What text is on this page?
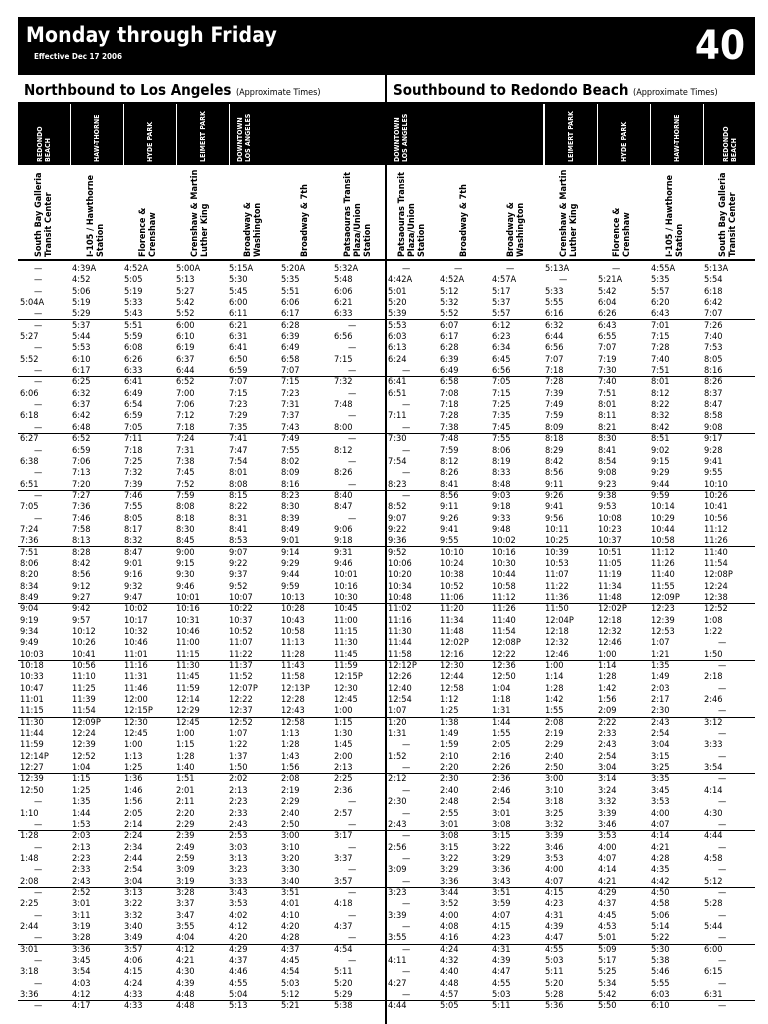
Monday through Friday
Effective Dec 17 2006	40
Northbound to Los Angeles (Approximate Times)	Southbound to Redondo Beach (Approximate Times)
REDONDO BEACH	HAW-THORNE	HYDE PARK	LEIMERT PARK	DOWNTOWN LOS ANGELES	DOWNTOWN LOS ANGELES	LEIMERT PARK	HYDE PARK	HAW-THORNE	REDONDO BEACH
South Bay Galleria Transit Center	I-105 / Hawthorne Station	Florence & Crenshaw	Crenshaw & Martin Luther King	Broadway & Washington	Broadway & 7th	Patsaouras Transit Plaza/Union Station	Patsaouras Transit Plaza/Union Station	Broadway & 7th	Broadway & Washington	Crenshaw & Martin Luther King	Florence & Crenshaw	I-105 / Hawthorne Station	South Bay Galleria Transit Center
—	4:39A	4:52A	5:00A	5:15A	5:20A	5:32A	—	—	—	5:13A	—	4:55A	5:13A
—	4:52	5:05	5:13	5:30	5:35	5:48	4:42A	4:52A	4:57A	—	5:21A	5:35	5:54
—	5:06	5:19	5:27	5:45	5:51	6:06	5:01	5:12	5:17	5:33	5:42	5:57	6:18
5:04A	5:19	5:33	5:42	6:00	6:06	6:21	5:20	5:32	5:37	5:55	6:04	6:20	6:42
—	5:29	5:43	5:52	6:11	6:17	6:33	5:39	5:52	5:57	6:16	6:26	6:43	7:07
—	5:37	5:51	6:00	6:21	6:28	—	5:53	6:07	6:12	6:32	6:43	7:01	7:26
5:27	5:44	5:59	6:10	6:31	6:39	6:56	6:03	6:17	6:23	6:44	6:55	7:15	7:40
—	5:53	6:08	6:19	6:41	6:49	—	6:13	6:28	6:34	6:56	7:07	7:28	7:53
5:52	6:10	6:26	6:37	6:50	6:58	7:15	6:24	6:39	6:45	7:07	7:19	7:40	8:05
—	6:17	6:33	6:44	6:59	7:07	—	—	6:49	6:56	7:18	7:30	7:51	8:16
—	6:25	6:41	6:52	7:07	7:15	7:32	6:41	6:58	7:05	7:28	7:40	8:01	8:26
6:06	6:32	6:49	7:00	7:15	7:23	—	6:51	7:08	7:15	7:39	7:51	8:12	8:37
—	6:37	6:54	7:06	7:23	7:31	7:48	—	7:18	7:25	7:49	8:01	8:22	8:47
6:18	6:42	6:59	7:12	7:29	7:37	—	7:11	7:28	7:35	7:59	8:11	8:32	8:58
—	6:48	7:05	7:18	7:35	7:43	8:00	—	7:38	7:45	8:09	8:21	8:42	9:08
6:27	6:52	7:11	7:24	7:41	7:49	—	7:30	7:48	7:55	8:18	8:30	8:51	9:17
—	6:59	7:18	7:31	7:47	7:55	8:12	—	7:59	8:06	8:29	8:41	9:02	9:28
6:38	7:06	7:25	7:38	7:54	8:02	—	7:54	8:12	8:19	8:42	8:54	9:15	9:41
—	7:13	7:32	7:45	8:01	8:09	8:26	—	8:26	8:33	8:56	9:08	9:29	9:55
6:51	7:20	7:39	7:52	8:08	8:16	—	8:23	8:41	8:48	9:11	9:23	9:44	10:10
—	7:27	7:46	7:59	8:15	8:23	8:40	—	8:56	9:03	9:26	9:38	9:59	10:26
7:05	7:36	7:55	8:08	8:22	8:30	8:47	8:52	9:11	9:18	9:41	9:53	10:14	10:41
—	7:46	8:05	8:18	8:31	8:39	—	9:07	9:26	9:33	9:56	10:08	10:29	10:56
7:24	7:58	8:17	8:30	8:41	8:49	9:06	9:22	9:41	9:48	10:11	10:23	10:44	11:12
7:36	8:13	8:32	8:45	8:53	9:01	9:18	9:36	9:55	10:02	10:25	10:37	10:58	11:26
7:51	8:28	8:47	9:00	9:07	9:14	9:31	9:52	10:10	10:16	10:39	10:51	11:12	11:40
8:06	8:42	9:01	9:15	9:22	9:29	9:46	10:06	10:24	10:30	10:53	11:05	11:26	11:54
8:20	8:56	9:16	9:30	9:37	9:44	10:01	10:20	10:38	10:44	11:07	11:19	11:40	12:08P
8:34	9:12	9:32	9:46	9:52	9:59	10:16	10:34	10:52	10:58	11:22	11:34	11:55	12:24
8:49	9:27	9:47	10:01	10:07	10:13	10:30	10:48	11:06	11:12	11:36	11:48	12:09P	12:38
9:04	9:42	10:02	10:16	10:22	10:28	10:45	11:02	11:20	11:26	11:50	12:02P	12:23	12:52
9:19	9:57	10:17	10:31	10:37	10:43	11:00	11:16	11:34	11:40	12:04P	12:18	12:39	1:08
9:34	10:12	10:32	10:46	10:52	10:58	11:15	11:30	11:48	11:54	12:18	12:32	12:53	1:22
9:49	10:26	10:46	11:00	11:07	11:13	11:30	11:44	12:02P	12:08P	12:32	12:46	1:07	—
10:03	10:41	11:01	11:15	11:22	11:28	11:45	11:58	12:16	12:22	12:46	1:00	1:21	1:50
10:18	10:56	11:16	11:30	11:37	11:43	11:59	12:12P	12:30	12:36	1:00	1:14	1:35	—
10:33	11:10	11:31	11:45	11:52	11:58	12:15P	12:26	12:44	12:50	1:14	1:28	1:49	2:18
10:47	11:25	11:46	11:59	12:07P	12:13P	12:30	12:40	12:58	1:04	1:28	1:42	2:03	—
11:01	11:39	12:00	12:14	12:22	12:28	12:45	12:54	1:12	1:18	1:42	1:56	2:17	2:46
11:15	11:54	12:15P	12:29	12:37	12:43	1:00	1:07	1:25	1:31	1:55	2:09	2:30	—
11:30	12:09P	12:30	12:45	12:52	12:58	1:15	1:20	1:38	1:44	2:08	2:22	2:43	3:12
11:44	12:24	12:45	1:00	1:07	1:13	1:30	1:31	1:49	1:55	2:19	2:33	2:54	—
11:59	12:39	1:00	1:15	1:22	1:28	1:45	—	1:59	2:05	2:29	2:43	3:04	3:33
12:14P	12:52	1:13	1:28	1:37	1:43	2:00	1:52	2:10	2:16	2:40	2:54	3:15	—
12:27	1:04	1:25	1:40	1:50	1:56	2:13	—	2:20	2:26	2:50	3:04	3:25	3:54
12:39	1:15	1:36	1:51	2:02	2:08	2:25	2:12	2:30	2:36	3:00	3:14	3:35	—
12:50	1:25	1:46	2:01	2:13	2:19	2:36	—	2:40	2:46	3:10	3:24	3:45	4:14
—	1:35	1:56	2:11	2:23	2:29	—	2:30	2:48	2:54	3:18	3:32	3:53	—
1:10	1:44	2:05	2:20	2:33	2:40	2:57	—	2:55	3:01	3:25	3:39	4:00	4:30
—	1:53	2:14	2:29	2:43	2:50	—	2:43	3:01	3:08	3:32	3:46	4:07	—
1:28	2:03	2:24	2:39	2:53	3:00	3:17	—	3:08	3:15	3:39	3:53	4:14	4:44
—	2:13	2:34	2:49	3:03	3:10	—	2:56	3:15	3:22	3:46	4:00	4:21	—
1:48	2:23	2:44	2:59	3:13	3:20	3:37	—	3:22	3:29	3:53	4:07	4:28	4:58
—	2:33	2:54	3:09	3:23	3:30	—	3:09	3:29	3:36	4:00	4:14	4:35	—
2:08	2:43	3:04	3:19	3:33	3:40	3:57	—	3:36	3:43	4:07	4:21	4:42	5:12
—	2:52	3:13	3:28	3:43	3:51	—	3:23	3:44	3:51	4:15	4:29	4:50	—
2:25	3:01	3:22	3:37	3:53	4:01	4:18	—	3:52	3:59	4:23	4:37	4:58	5:28
—	3:11	3:32	3:47	4:02	4:10	—	3:39	4:00	4:07	4:31	4:45	5:06	—
2:44	3:19	3:40	3:55	4:12	4:20	4:37	—	4:08	4:15	4:39	4:53	5:14	5:44
—	3:28	3:49	4:04	4:20	4:28	—	3:55	4:16	4:23	4:47	5:01	5:22	—
3:01	3:36	3:57	4:12	4:29	4:37	4:54	—	4:24	4:31	4:55	5:09	5:30	6:00
—	3:45	4:06	4:21	4:37	4:45	—	4:11	4:32	4:39	5:03	5:17	5:38	—
3:18	3:54	4:15	4:30	4:46	4:54	5:11	—	4:40	4:47	5:11	5:25	5:46	6:15
—	4:03	4:24	4:39	4:55	5:03	5:20	4:27	4:48	4:55	5:20	5:34	5:55	—
3:36	4:12	4:33	4:48	5:04	5:12	5:29	—	4:57	5:03	5:28	5:42	6:03	6:31
—	4:17	4:33	4:48	5:13	5:21	5:38	4:44	5:05	5:11	5:36	5:50	6:10	—
